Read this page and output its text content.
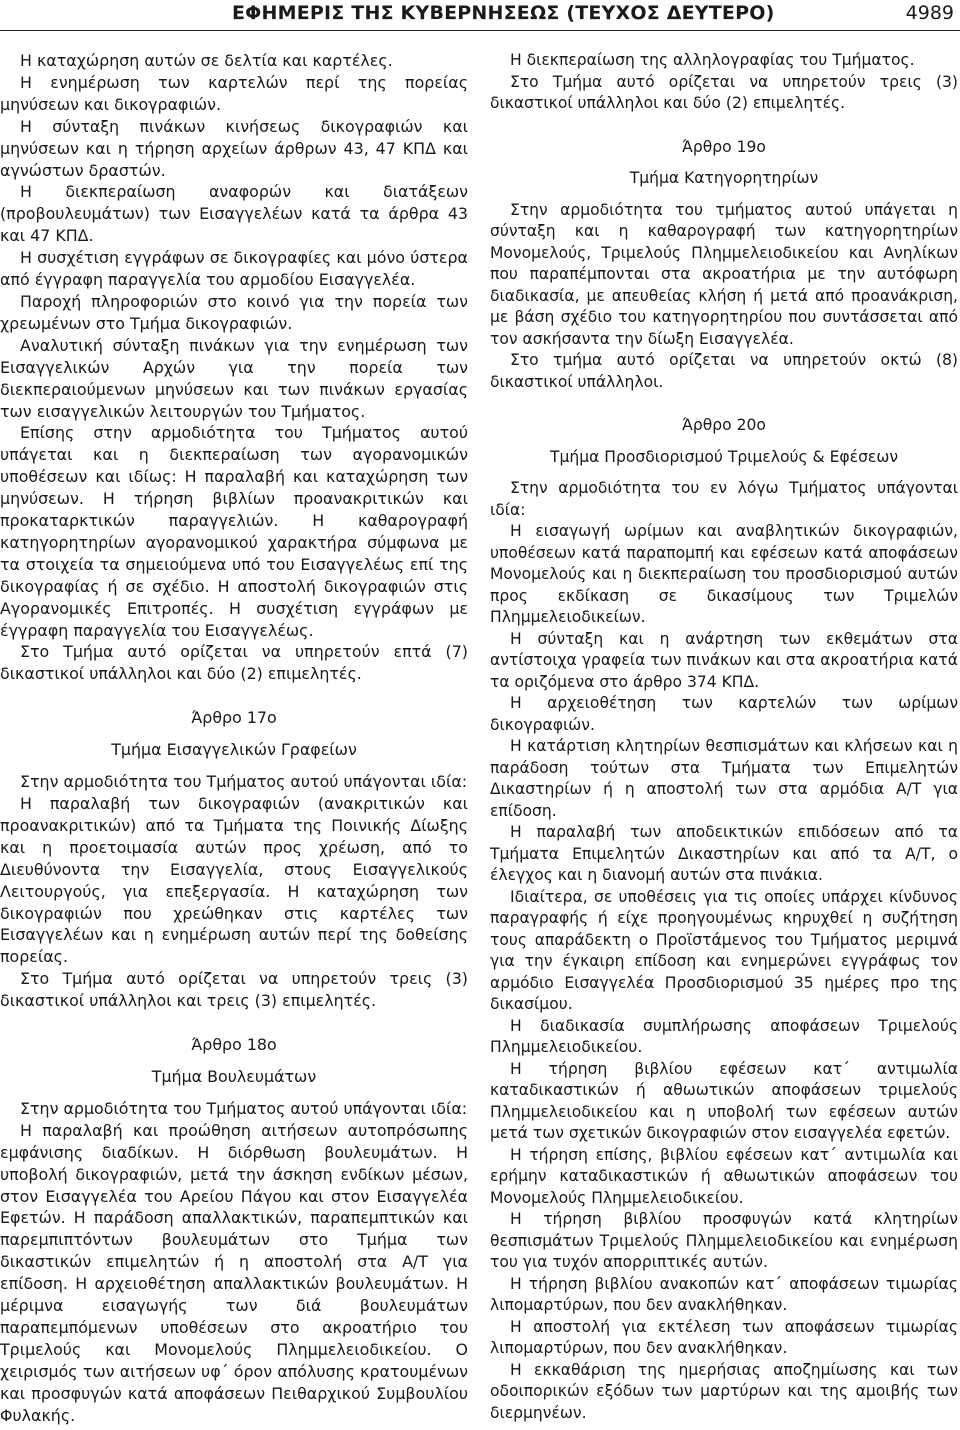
ΕΦΗΜΕΡΙΣ ΤΗΣ ΚΥΒΕΡΝΗΣΕΩΣ (ΤΕΥΧΟΣ ΔΕΥΤΕΡΟ)	4989

Η καταχώρηση αυτών σε δελτία και καρτέλες.

Η ενημέρωση των καρτελών περί της πορείας μηνύσεων και δικογραφιών.

Η σύνταξη πινάκων κινήσεως δικογραφιών και μηνύσεων και η τήρηση αρχείων άρθρων 43, 47 ΚΠΔ και αγνώστων δραστών.

Η διεκπεραίωση αναφορών και διατάξεων (προβουλευμάτων) των Εισαγγελέων κατά τα άρθρα 43 και 47 ΚΠΔ.

Η συσχέτιση εγγράφων σε δικογραφίες και μόνο ύστερα από έγγραφη παραγγελία του αρμοδίου Εισαγγελέα.

Παροχή πληροφοριών στο κοινό για την πορεία των χρεωμένων στο Τμήμα δικογραφιών.

Αναλυτική σύνταξη πινάκων για την ενημέρωση των Εισαγγελικών Αρχών για την πορεία των διεκπεραιούμενων μηνύσεων και των πινάκων εργασίας των εισαγγελικών λειτουργών του Τμήματος.

Επίσης στην αρμοδιότητα του Τμήματος αυτού υπάγεται και η διεκπεραίωση των αγορανομικών υποθέσεων και ιδίως: Η παραλαβή και καταχώρηση των μηνύσεων. Η τήρηση βιβλίων προανακριτικών και προκαταρκτικών παραγγελιών. Η καθαρογραφή κατηγορητηρίων αγορανομικού χαρακτήρα σύμφωνα με τα στοιχεία τα σημειούμενα υπό του Εισαγγελέως επί της δικογραφίας ή σε σχέδιο. Η αποστολή δικογραφιών στις Αγορανομικές Επιτροπές. Η συσχέτιση εγγράφων με έγγραφη παραγγελία του Εισαγγελέως.

Στο Τμήμα αυτό ορίζεται να υπηρετούν επτά (7) δικαστικοί υπάλληλοι και δύο (2) επιμελητές.

Άρθρο 17ο

Τμήμα Εισαγγελικών Γραφείων

Στην αρμοδιότητα του Τμήματος αυτού υπάγονται ιδία:

Η παραλαβή των δικογραφιών (ανακριτικών και προανακριτικών) από τα Τμήματα της Ποινικής Δίωξης και η προετοιμασία αυτών προς χρέωση, από το Διευθύνοντα την Εισαγγελία, στους Εισαγγελικούς Λειτουργούς, για επεξεργασία. Η καταχώρηση των δικογραφιών που χρεώθηκαν στις καρτέλες των Εισαγγελέων και η ενημέρωση αυτών περί της δοθείσης πορείας.

Στο Τμήμα αυτό ορίζεται να υπηρετούν τρεις (3) δικαστικοί υπάλληλοι και τρεις (3) επιμελητές.

Άρθρο 18ο

Τμήμα Βουλευμάτων

Στην αρμοδιότητα του Τμήματος αυτού υπάγονται ιδία:

Η παραλαβή και προώθηση αιτήσεων αυτοπρόσωπης εμφάνισης διαδίκων. Η διόρθωση βουλευμάτων. Η υποβολή δικογραφιών, μετά την άσκηση ενδίκων μέσων, στον Εισαγγελέα του Αρείου Πάγου και στον Εισαγγελέα Εφετών. Η παράδοση απαλλακτικών, παραπεμπτικών και παρεμπιπτόντων βουλευμάτων στο Τμήμα των δικαστικών επιμελητών ή η αποστολή στα Α/Τ για επίδοση. Η αρχειοθέτηση απαλλακτικών βουλευμάτων. Η μέριμνα εισαγωγής των διά βουλευμάτων παραπεμπόμενων υποθέσεων στο ακροατήριο του Τριμελούς και Μονομελούς Πλημμελειοδικείου. Ο χειρισμός των αιτήσεων υφ΄ όρον απόλυσης κρατουμένων και προσφυγών κατά αποφάσεων Πειθαρχικού Συμβουλίου Φυλακής.

Η διεκπεραίωση της αλληλογραφίας του Τμήματος.

Στο Τμήμα αυτό ορίζεται να υπηρετούν τρεις (3) δικαστικοί υπάλληλοι και δύο (2) επιμελητές.

Άρθρο 19ο

Τμήμα Κατηγορητηρίων

Στην αρμοδιότητα του τμήματος αυτού υπάγεται η σύνταξη και η καθαρογραφή των κατηγορητηρίων Μονομελούς, Τριμελούς Πλημμελειοδικείου και Ανηλίκων που παραπέμπονται στα ακροατήρια με την αυτόφωρη διαδικασία, με απευθείας κλήση ή μετά από προανάκριση, με βάση σχέδιο του κατηγορητηρίου που συντάσσεται από τον ασκήσαντα την δίωξη Εισαγγελέα.

Στο τμήμα αυτό ορίζεται να υπηρετούν οκτώ (8) δικαστικοί υπάλληλοι.

Άρθρο 20ο

Τμήμα Προσδιορισμού Τριμελούς & Εφέσεων

Στην αρμοδιότητα του εν λόγω Τμήματος υπάγονται ιδία:

Η εισαγωγή ωρίμων και αναβλητικών δικογραφιών, υποθέσεων κατά παραπομπή και εφέσεων κατά αποφάσεων Μονομελούς και η διεκπεραίωση του προσδιορισμού αυτών προς εκδίκαση σε δικασίμους των Τριμελών Πλημμελειοδικείων.

Η σύνταξη και η ανάρτηση των εκθεμάτων στα αντίστοιχα γραφεία των πινάκων και στα ακροατήρια κατά τα οριζόμενα στο άρθρο 374 ΚΠΔ.

Η αρχειοθέτηση των καρτελών των ωρίμων δικογραφιών.

Η κατάρτιση κλητηρίων θεσπισμάτων και κλήσεων και η παράδοση τούτων στα Τμήματα των Επιμελητών Δικαστηρίων ή η αποστολή των στα αρμόδια Α/Τ για επίδοση.

Η παραλαβή των αποδεικτικών επιδόσεων από τα Τμήματα Επιμελητών Δικαστηρίων και από τα Α/Τ, ο έλεγχος και η διανομή αυτών στα πινάκια.

Ιδιαίτερα, σε υποθέσεις για τις οποίες υπάρχει κίνδυνος παραγραφής ή είχε προηγουμένως κηρυχθεί η συζήτηση τους απαράδεκτη ο Προϊστάμενος του Τμήματος μεριμνά για την έγκαιρη επίδοση και ενημερώνει εγγράφως τον αρμόδιο Εισαγγελέα Προσδιορισμού 35 ημέρες προ της δικασίμου.

Η διαδικασία συμπλήρωσης αποφάσεων Τριμελούς Πλημμελειοδικείου.

Η τήρηση βιβλίου εφέσεων κατ΄ αντιμωλία καταδικαστικών ή αθωωτικών αποφάσεων τριμελούς Πλημμελειοδικείου και η υποβολή των εφέσεων αυτών μετά των σχετικών δικογραφιών στον εισαγγελέα εφετών.

Η τήρηση επίσης, βιβλίου εφέσεων κατ΄ αντιμωλία και ερήμην καταδικαστικών ή αθωωτικών αποφάσεων του Μονομελούς Πλημμελειοδικείου.

Η τήρηση βιβλίου προσφυγών κατά κλητηρίων θεσπισμάτων Τριμελούς Πλημμελειοδικείου και ενημέρωση του για τυχόν απορριπτικές αυτών.

Η τήρηση βιβλίου ανακοπών κατ΄ αποφάσεων τιμωρίας λιπομαρτύρων, που δεν ανακλήθηκαν.

Η αποστολή για εκτέλεση των αποφάσεων τιμωρίας λιπομαρτύρων, που δεν ανακλήθηκαν.

Η εκκαθάριση της ημερήσιας αποζημίωσης και των οδοιπορικών εξόδων των μαρτύρων και της αμοιβής των διερμηνέων.
